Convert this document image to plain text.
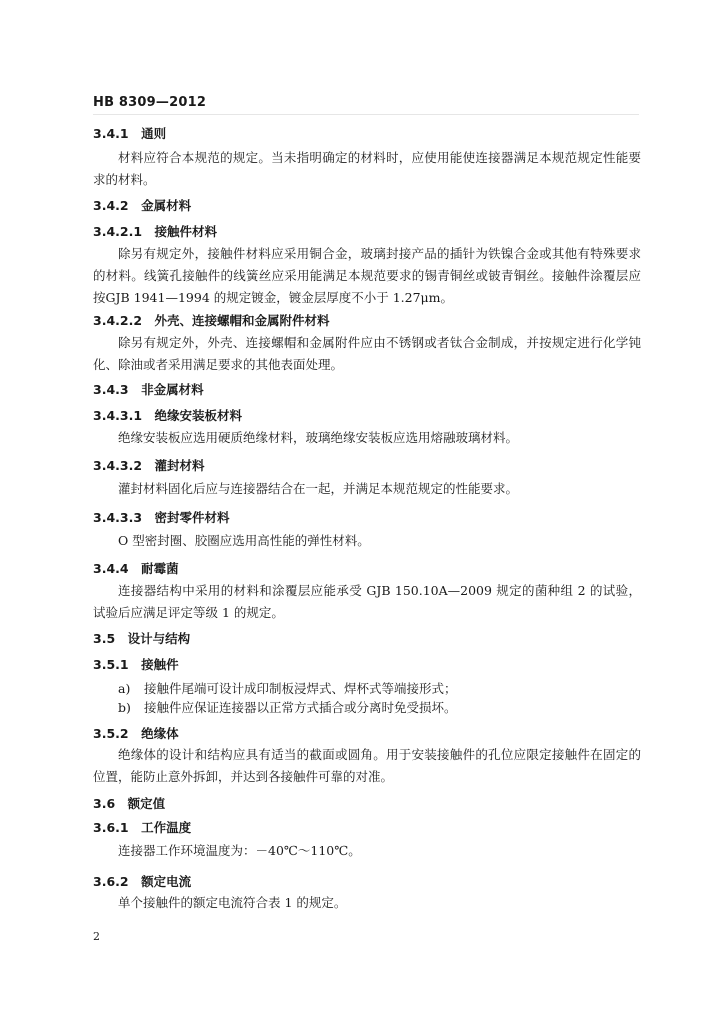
HB 8309—2012
3.4.1　通则
材料应符合本规范的规定。当未指明确定的材料时，应使用能使连接器满足本规范规定性能要求的材料。
3.4.2　金属材料
3.4.2.1　接触件材料
除另有规定外，接触件材料应采用铜合金，玻璃封接产品的插针为铁镍合金或其他有特殊要求的材料。线簧孔接触件的线簧丝应采用能满足本规范要求的锡青铜丝或铍青铜丝。接触件涂覆层应按GJB 1941—1994 的规定镀金，镀金层厚度不小于 1.27μm。
3.4.2.2　外壳、连接螺帽和金属附件材料
除另有规定外，外壳、连接螺帽和金属附件应由不锈钢或者钛合金制成，并按规定进行化学钝化、除油或者采用满足要求的其他表面处理。
3.4.3　非金属材料
3.4.3.1　绝缘安装板材料
绝缘安装板应选用硬质绝缘材料，玻璃绝缘安装板应选用熔融玻璃材料。
3.4.3.2　灌封材料
灌封材料固化后应与连接器结合在一起，并满足本规范规定的性能要求。
3.4.3.3　密封零件材料
O 型密封圈、胶圈应选用高性能的弹性材料。
3.4.4　耐霉菌
连接器结构中采用的材料和涂覆层应能承受 GJB 150.10A—2009 规定的菌种组 2 的试验，试验后应满足评定等级 1 的规定。
3.5　设计与结构
3.5.1　接触件
a) 接触件尾端可设计成印制板浸焊式、焊杯式等端接形式；
b) 接触件应保证连接器以正常方式插合或分离时免受损坏。
3.5.2　绝缘体
绝缘体的设计和结构应具有适当的截面或圆角。用于安装接触件的孔位应限定接触件在固定的位置，能防止意外拆卸，并达到各接触件可靠的对准。
3.6　额定值
3.6.1　工作温度
连接器工作环境温度为：－40℃～110℃。
3.6.2　额定电流
单个接触件的额定电流符合表 1 的规定。
2
